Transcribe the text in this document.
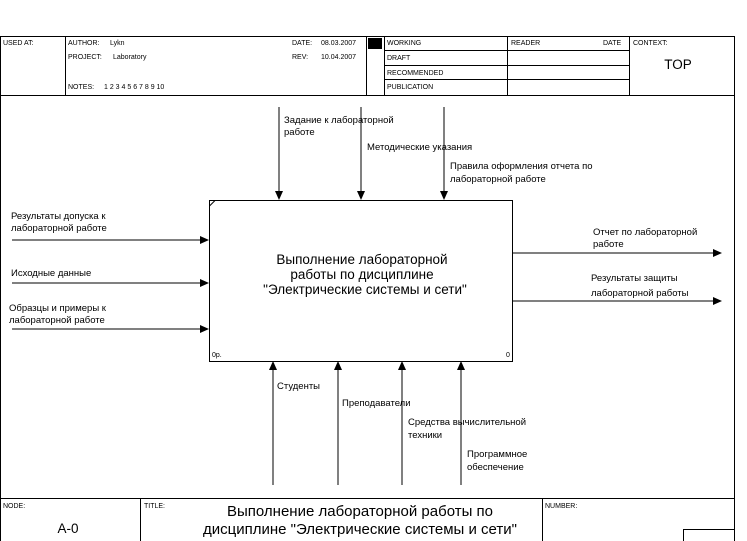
USED AT:	AUTHOR: Lykn
PROJECT: Laboratory
DATE: 08.03.2007
REV: 10.04.2007
NOTES: 1 2 3 4 5 6 7 8 9 10
WORKING
DRAFT
RECOMMENDED
PUBLICATION
READER	DATE CONTEXT:
TOP
Выполнение лабораторной
работы по дисциплине
"Электрические системы и сети"
0р.	0
Задание к лабораторной
работе
Методические указания
Правила оформления отчета по
лабораторной работе
Результаты допуска к
лабораторной работе
Исходные данные
Образцы и примеры к
лабораторной работе
Отчет по лабораторной
работе
Результаты защиты
лабораторной работы
Студенты
Преподаватели
Средства вычислительной
техники
Программное
обеспечение
NODE:
A-0
TITLE:	Выполнение лабораторной работы по
дисциплине "Электрические системы и сети"
NUMBER:
